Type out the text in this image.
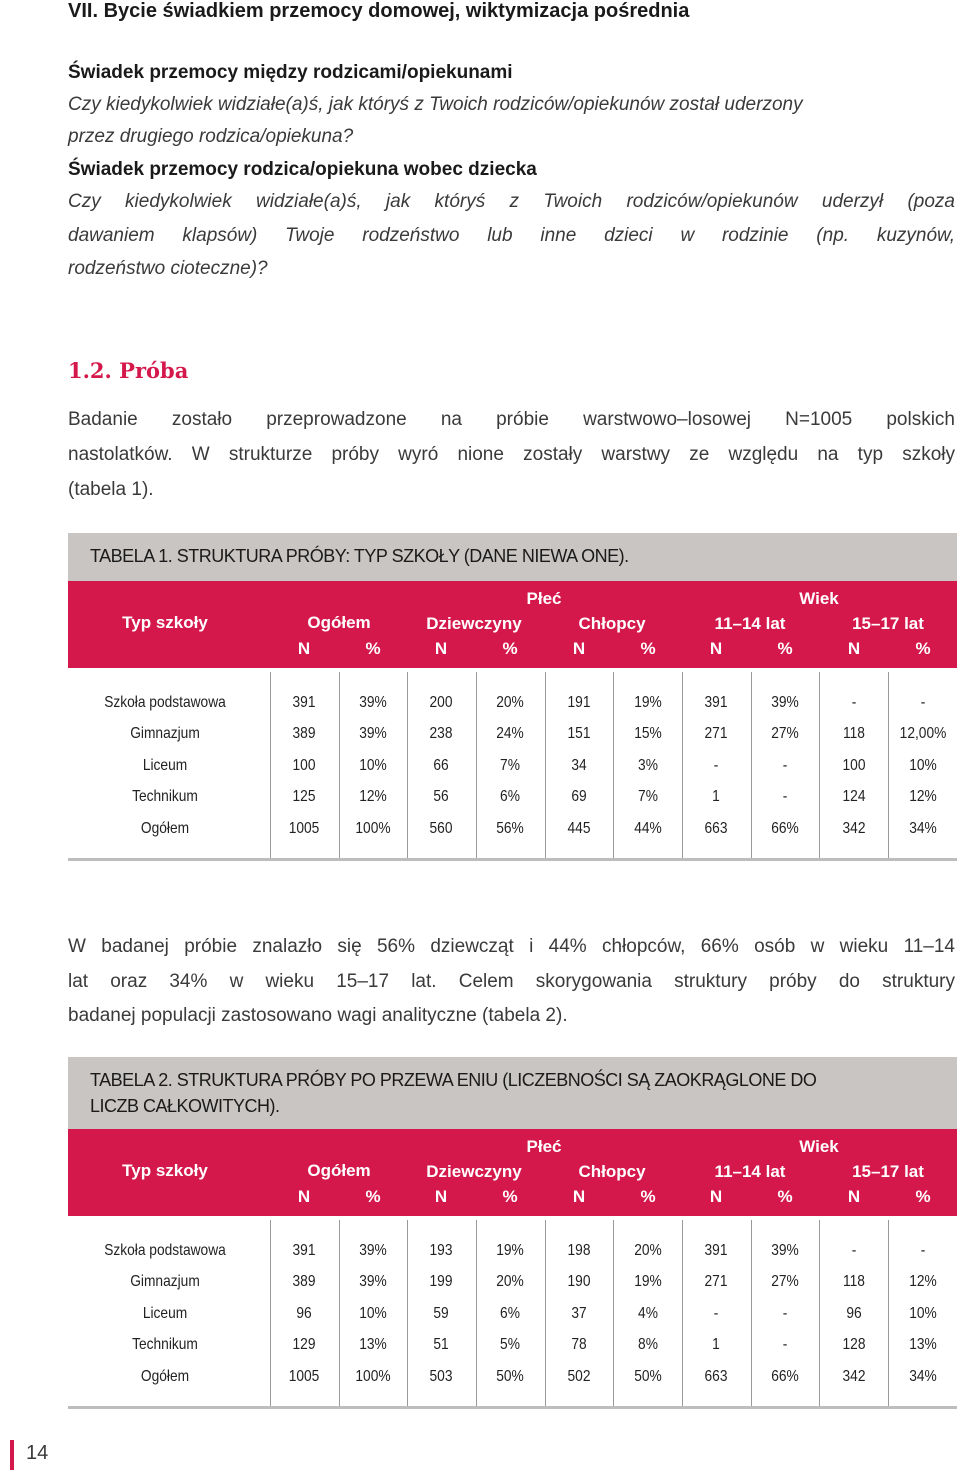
VII. Bycie świadkiem przemocy domowej, wiktymizacja pośrednia
Świadek przemocy między rodzicami/opiekunami
Czy kiedykolwiek widziałe(a)ś, jak któryś z Twoich rodziców/opiekunów został uderzony
przez drugiego rodzica/opiekuna?
Świadek przemocy rodzica/opiekuna wobec dziecka
Czy kiedykolwiek widziałe(a)ś, jak któryś z Twoich rodziców/opiekunów uderzył (poza
dawaniem klapsów) Twoje rodzeństwo lub inne dzieci w rodzinie (np. kuzynów,
rodzeństwo cioteczne)?
1.2. Próba
Badanie zostało przeprowadzone na próbie warstwowo–losowej N=1005 polskich
nastolatków. W strukturze próby wyró nione zostały warstwy ze względu na typ szkoły
(tabela 1).
TABELA 1. STRUKTURA PRÓBY: TYP SZKOŁY (DANE NIEWA ONE).
Typ szkoły	Ogółem
Płeć
Dziewczyny	Chłopcy
Wiek
11–14 lat	15–17 lat
N	%	N	%	N	%	N	%	N	%
Szkoła podstawowa	391	39%	200	20%	191	19%	391	39%	-	-
Gimnazjum	389	39%	238	24%	151	15%	271	27%	118 12,00%
Liceum	100	10%	66	7%	34	3%	-	-	100	10%
Technikum	125	12%	56	6%	69	7%	1	-	124	12%
Ogółem	1005 100% 560	56%	445	44%	663	66%	342	34%
W badanej próbie znalazło się 56% dziewcząt i 44% chłopców, 66% osób w wieku 11–14
lat oraz 34% w wieku 15–17 lat. Celem skorygowania struktury próby do struktury
badanej populacji zastosowano wagi analityczne (tabela 2).
TABELA 2. STRUKTURA PRÓBY PO PRZEWA ENIU (LICZEBNOŚCI SĄ ZAOKRĄGLONE DO
LICZB CAŁKOWITYCH).
Typ szkoły	Ogółem
Płeć
Dziewczyny	Chłopcy
Wiek
11–14 lat	15–17 lat
N	%	N	%	N	%	N	%	N	%
Szkoła podstawowa	391	39%	193	19%	198	20%	391	39%	-	-
Gimnazjum	389	39%	199	20%	190	19%	271	27%	118	12%
Liceum	96	10%	59	6%	37	4%	-	-	96	10%
Technikum	129	13%	51	5%	78	8%	1	-	128	13%
Ogółem	1005 100% 503	50%	502	50%	663	66%	342	34%
14
